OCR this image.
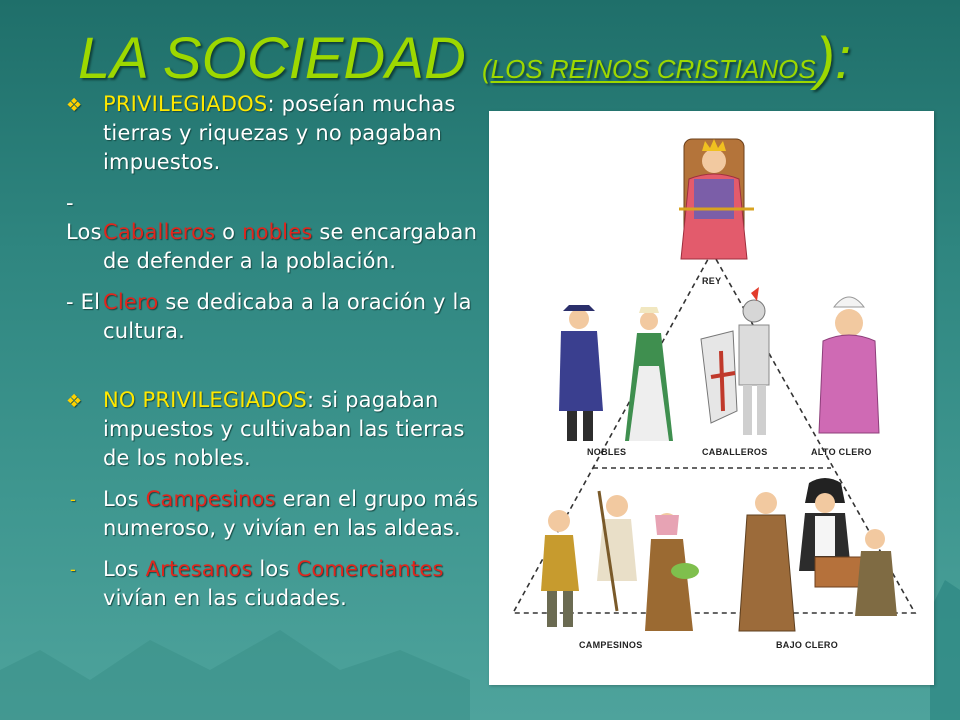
LA SOCIEDAD (LOS REINOS CRISTIANOS):

❖ PRIVILEGIADOS: poseían muchas tierras y riquezas y no pagaban impuestos.

- LosCaballeros o nobles se encargaban de defender a la población.

- ElClero se dedicaba a la oración y la cultura.

❖ NO PRIVILEGIADOS: si pagaban impuestos y cultivaban las tierras de los nobles.

- Los Campesinos eran el grupo más numeroso, y vivían en las aldeas.

- Los Artesanos los Comerciantes vivían en las ciudades.

REY
NOBLES	CABALLEROS	ALTO CLERO
CAMPESINOS	BAJO CLERO
